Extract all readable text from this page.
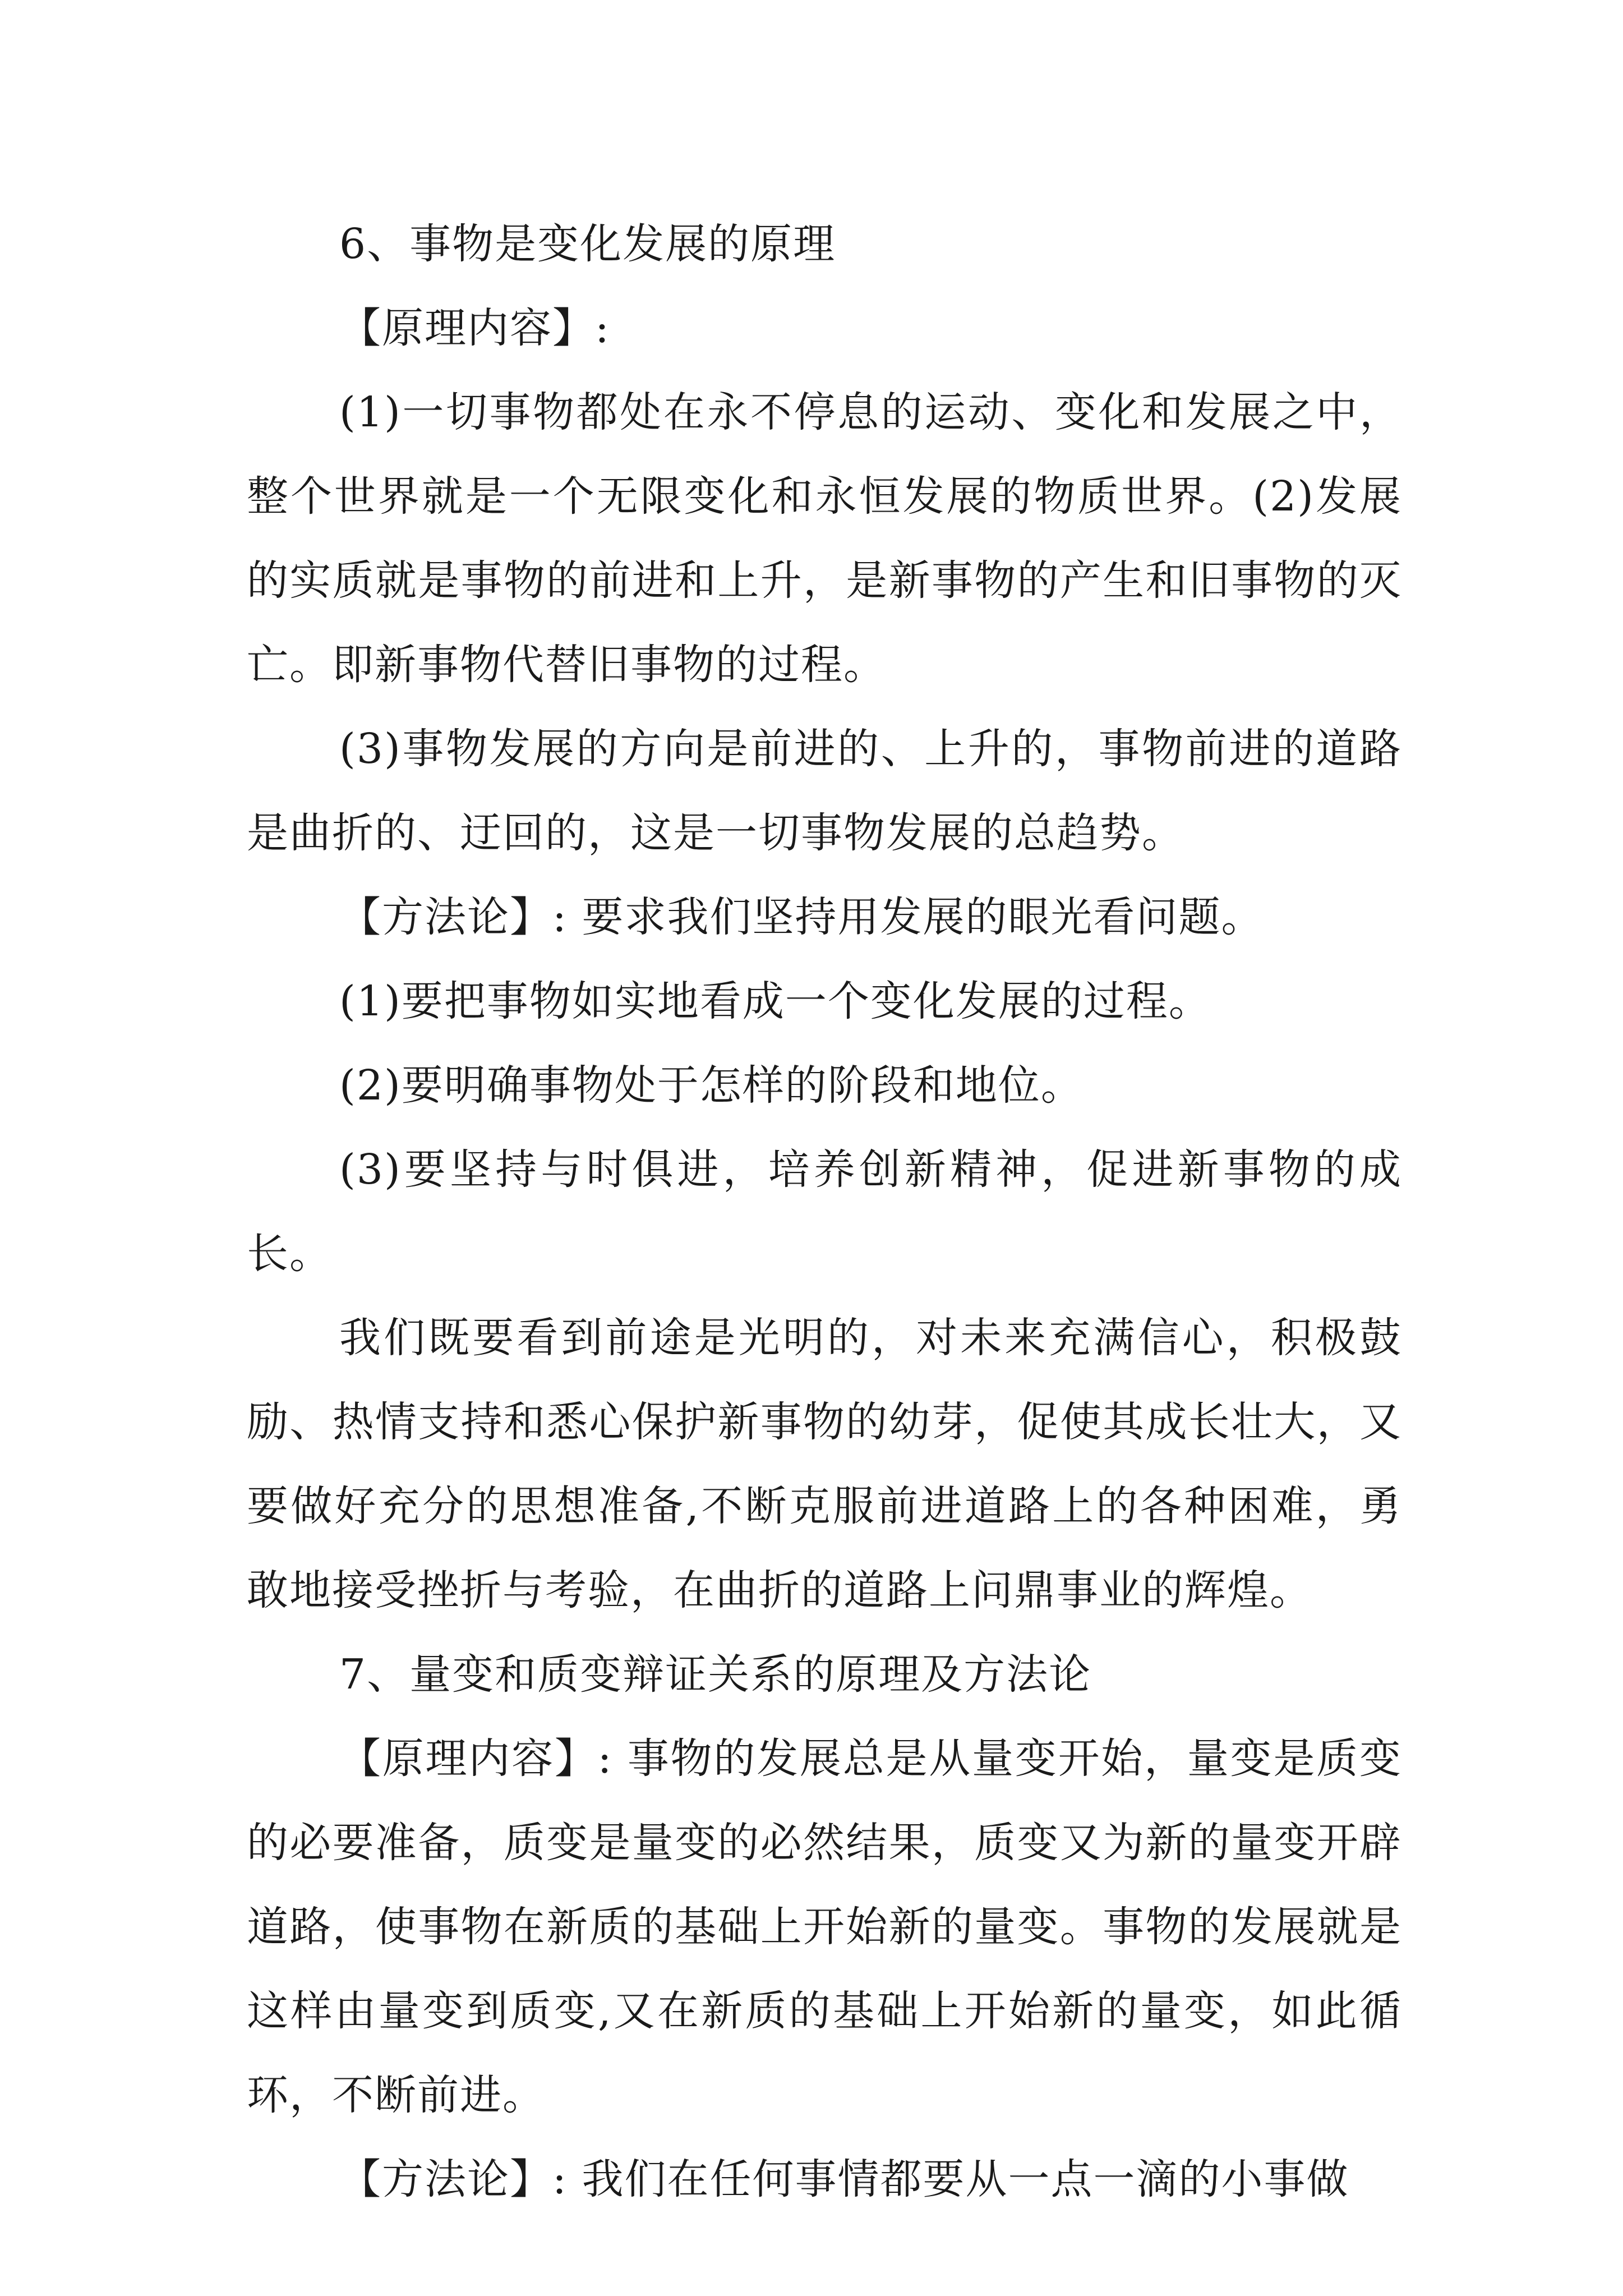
6、事物是变化发展的原理

【原理内容】:

(1)一切事物都处在永不停息的运动、变化和发展之中，整个世界就是一个无限变化和永恒发展的物质世界。(2)发展的实质就是事物的前进和上升，是新事物的产生和旧事物的灭亡。即新事物代替旧事物的过程。

(3)事物发展的方向是前进的、上升的，事物前进的道路是曲折的、迂回的，这是一切事物发展的总趋势。

【方法论】: 要求我们坚持用发展的眼光看问题。

(1)要把事物如实地看成一个变化发展的过程。

(2)要明确事物处于怎样的阶段和地位。

(3)要坚持与时俱进，培养创新精神，促进新事物的成长。

我们既要看到前途是光明的，对未来充满信心，积极鼓励、热情支持和悉心保护新事物的幼芽，促使其成长壮大，又要做好充分的思想准备,不断克服前进道路上的各种困难，勇敢地接受挫折与考验，在曲折的道路上问鼎事业的辉煌。

7、量变和质变辩证关系的原理及方法论

【原理内容】: 事物的发展总是从量变开始，量变是质变的必要准备，质变是量变的必然结果，质变又为新的量变开辟道路，使事物在新质的基础上开始新的量变。事物的发展就是这样由量变到质变,又在新质的基础上开始新的量变，如此循环，不断前进。

【方法论】: 我们在任何事情都要从一点一滴的小事做
